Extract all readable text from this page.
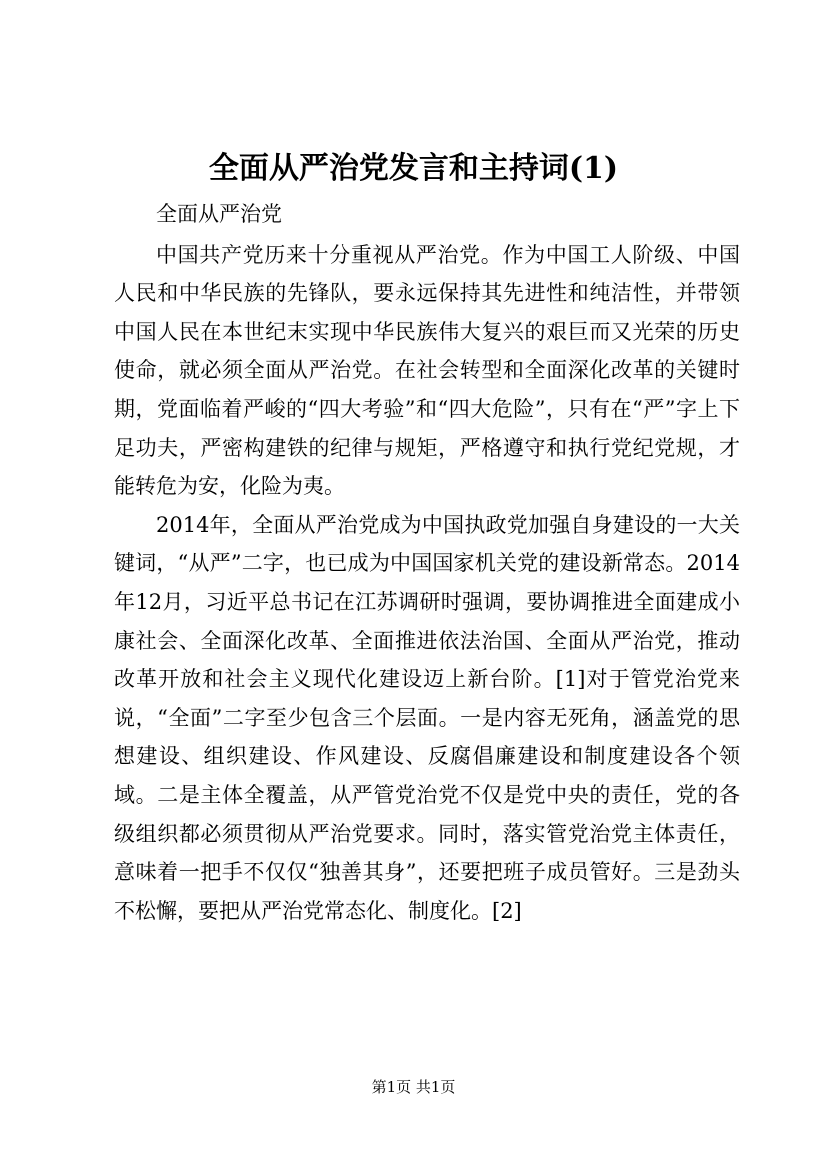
全面从严治党发言和主持词(1)

全面从严治党

中国共产党历来十分重视从严治党。作为中国工人阶级、中国人民和中华民族的先锋队，要永远保持其先进性和纯洁性，并带领中国人民在本世纪末实现中华民族伟大复兴的艰巨而又光荣的历史使命，就必须全面从严治党。在社会转型和全面深化改革的关键时期，党面临着严峻的“四大考验”和“四大危险”，只有在“严”字上下足功夫，严密构建铁的纪律与规矩，严格遵守和执行党纪党规，才能转危为安，化险为夷。

2014年，全面从严治党成为中国执政党加强自身建设的一大关键词，“从严”二字，也已成为中国国家机关党的建设新常态。2014年12月，习近平总书记在江苏调研时强调，要协调推进全面建成小康社会、全面深化改革、全面推进依法治国、全面从严治党，推动改革开放和社会主义现代化建设迈上新台阶。[1]对于管党治党来说，“全面”二字至少包含三个层面。一是内容无死角，涵盖党的思想建设、组织建设、作风建设、反腐倡廉建设和制度建设各个领域。二是主体全覆盖，从严管党治党不仅是党中央的责任，党的各级组织都必须贯彻从严治党要求。同时，落实管党治党主体责任，意味着一把手不仅仅“独善其身”，还要把班子成员管好。三是劲头不松懈，要把从严治党常态化、制度化。[2]

第1页 共1页
